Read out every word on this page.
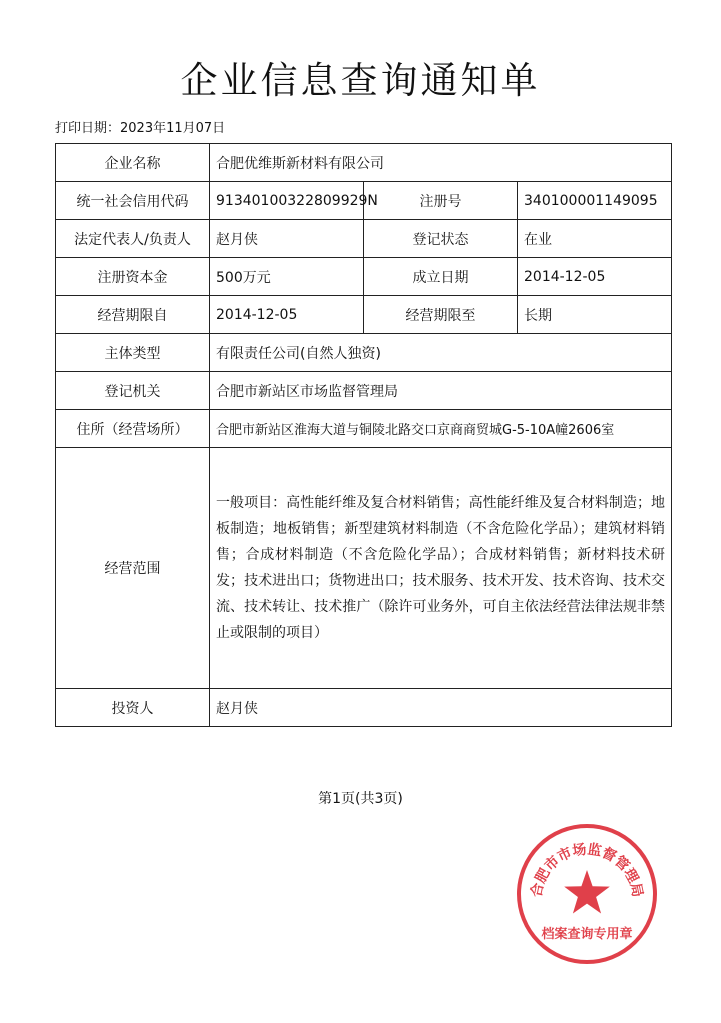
企业信息查询通知单
打印日期：2023年11月07日
企业名称	合肥优维斯新材料有限公司		
统一社会信用代码	91340100322809929N	注册号	340100001149095
法定代表人/负责人	赵月侠	登记状态	在业
注册资本金	500万元	成立日期	2014-12-05
经营期限自	2014-12-05	经营期限至	长期
主体类型	有限责任公司(自然人独资)		
登记机关	合肥市新站区市场监督管理局		
住所（经营场所）	合肥市新站区淮海大道与铜陵北路交口京商商贸城G-5-10A幢2606室		
经营范围	一般项目：高性能纤维及复合材料销售；高性能纤维及复合材料制造；地板制造；地板销售；新型建筑材料制造（不含危险化学品）；建筑材料销售；合成材料制造（不含危险化学品）；合成材料销售；新材料技术研发；技术进出口；货物进出口；技术服务、技术开发、技术咨询、技术交流、技术转让、技术推广（除许可业务外，可自主依法经营法律法规非禁止或限制的项目）		
投资人	赵月侠		
第1页(共3页)
合肥市市场监督管理局
档案查询专用章
